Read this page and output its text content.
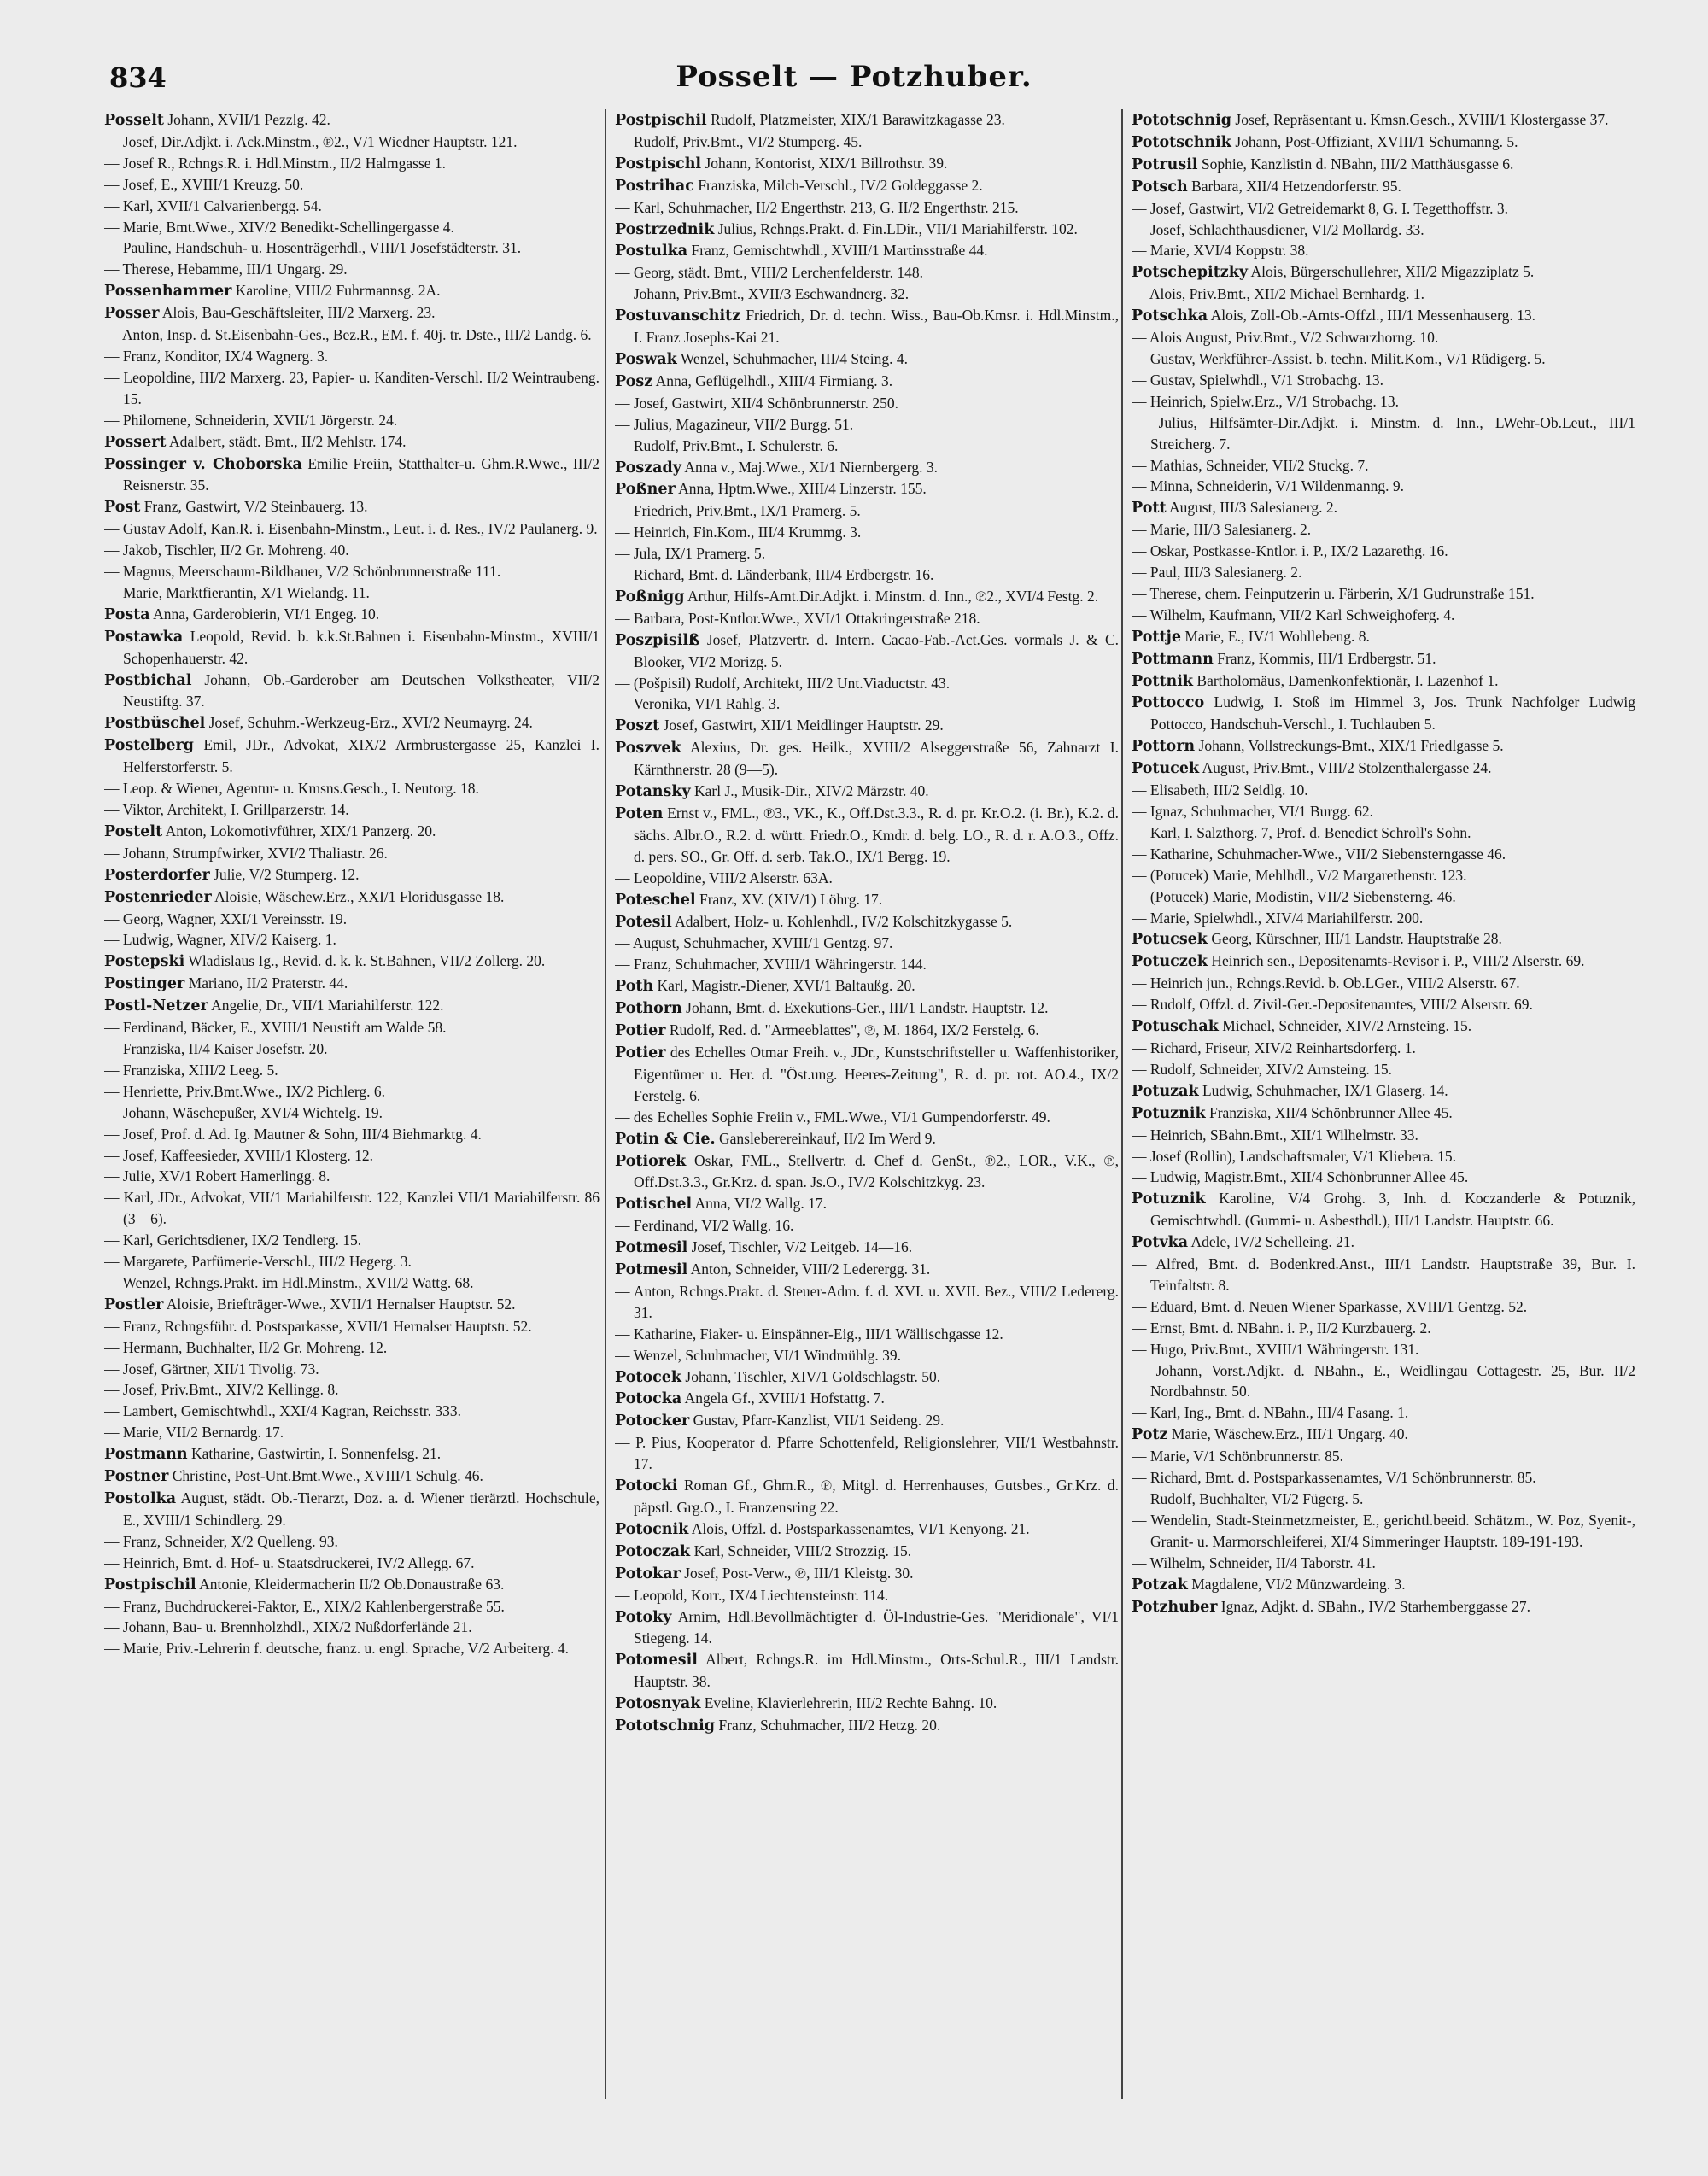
834	Posselt — Potzhuber.

Posselt Johann, XVII/1 Pezzlg. 42.

— Josef, Dir.Adjkt. i. Ack.Minstm., ℗2., V/1 Wiedner Hauptstr. 121.

— Josef R., Rchngs.R. i. Hdl.Minstm., II/2 Halmgasse 1.

— Josef, E., XVIII/1 Kreuzg. 50.

— Karl, XVII/1 Calvarienbergg. 54.

— Marie, Bmt.Wwe., XIV/2 Benedikt-Schellingergasse 4.

— Pauline, Handschuh- u. Hosenträgerhdl., VIII/1 Josefstädterstr. 31.

— Therese, Hebamme, III/1 Ungarg. 29.

Possenhammer Karoline, VIII/2 Fuhrmannsg. 2A.

Posser Alois, Bau-Geschäftsleiter, III/2 Marxerg. 23.

— Anton, Insp. d. St.Eisenbahn-Ges., Bez.R., EM. f. 40j. tr. Dste., III/2 Landg. 6.

— Franz, Konditor, IX/4 Wagnerg. 3.

— Leopoldine, III/2 Marxerg. 23, Papier- u. Kanditen-Verschl. II/2 Weintraubeng. 15.

— Philomene, Schneiderin, XVII/1 Jörgerstr. 24.

Possert Adalbert, städt. Bmt., II/2 Mehlstr. 174.

Possinger v. Choborska Emilie Freiin, Statthalter-u. Ghm.R.Wwe., III/2 Reisnerstr. 35.

Post Franz, Gastwirt, V/2 Steinbauerg. 13.

— Gustav Adolf, Kan.R. i. Eisenbahn-Minstm., Leut. i. d. Res., IV/2 Paulanerg. 9.

— Jakob, Tischler, II/2 Gr. Mohreng. 40.

— Magnus, Meerschaum-Bildhauer, V/2 Schönbrunnerstraße 111.

— Marie, Marktfierantin, X/1 Wielandg. 11.

Posta Anna, Garderobierin, VI/1 Engeg. 10.

Postawka Leopold, Revid. b. k.k.St.Bahnen i. Eisenbahn-Minstm., XVIII/1 Schopenhauerstr. 42.

Postbichal Johann, Ob.-Garderober am Deutschen Volkstheater, VII/2 Neustiftg. 37.

Postbüschel Josef, Schuhm.-Werkzeug-Erz., XVI/2 Neumayrg. 24.

Postelberg Emil, JDr., Advokat, XIX/2 Armbrustergasse 25, Kanzlei I. Helferstorferstr. 5.

— Leop. & Wiener, Agentur- u. Kmsns.Gesch., I. Neutorg. 18.

— Viktor, Architekt, I. Grillparzerstr. 14.

Postelt Anton, Lokomotivführer, XIX/1 Panzerg. 20.

— Johann, Strumpfwirker, XVI/2 Thaliastr. 26.

Posterdorfer Julie, V/2 Stumperg. 12.

Postenrieder Aloisie, Wäschew.Erz., XXI/1 Floridusgasse 18.

— Georg, Wagner, XXI/1 Vereinsstr. 19.

— Ludwig, Wagner, XIV/2 Kaiserg. 1.

Postepski Wladislaus Ig., Revid. d. k. k. St.Bahnen, VII/2 Zollerg. 20.

Postinger Mariano, II/2 Praterstr. 44.

Postl-Netzer Angelie, Dr., VII/1 Mariahilferstr. 122.

— Ferdinand, Bäcker, E., XVIII/1 Neustift am Walde 58.

— Franziska, II/4 Kaiser Josefstr. 20.

— Franziska, XIII/2 Leeg. 5.

— Henriette, Priv.Bmt.Wwe., IX/2 Pichlerg. 6.

— Johann, Wäschepußer, XVI/4 Wichtelg. 19.

— Josef, Prof. d. Ad. Ig. Mautner & Sohn, III/4 Biehmarktg. 4.

— Josef, Kaffeesieder, XVIII/1 Klosterg. 12.

— Julie, XV/1 Robert Hamerlingg. 8.

— Karl, JDr., Advokat, VII/1 Mariahilferstr. 122, Kanzlei VII/1 Mariahilferstr. 86 (3—6).

— Karl, Gerichtsdiener, IX/2 Tendlerg. 15.

— Margarete, Parfümerie-Verschl., III/2 Hegerg. 3.

— Wenzel, Rchngs.Prakt. im Hdl.Minstm., XVII/2 Wattg. 68.

Postler Aloisie, Briefträger-Wwe., XVII/1 Hernalser Hauptstr. 52.

— Franz, Rchngsführ. d. Postsparkasse, XVII/1 Hernalser Hauptstr. 52.

— Hermann, Buchhalter, II/2 Gr. Mohreng. 12.

— Josef, Gärtner, XII/1 Tivolig. 73.

— Josef, Priv.Bmt., XIV/2 Kellingg. 8.

— Lambert, Gemischtwhdl., XXI/4 Kagran, Reichsstr. 333.

— Marie, VII/2 Bernardg. 17.

Postmann Katharine, Gastwirtin, I. Sonnenfelsg. 21.

Postner Christine, Post-Unt.Bmt.Wwe., XVIII/1 Schulg. 46.

Postolka August, städt. Ob.-Tierarzt, Doz. a. d. Wiener tierärztl. Hochschule, E., XVIII/1 Schindlerg. 29.

— Franz, Schneider, X/2 Quelleng. 93.

— Heinrich, Bmt. d. Hof- u. Staatsdruckerei, IV/2 Allegg. 67.

Postpischil Antonie, Kleidermacherin II/2 Ob.Donaustraße 63.

— Franz, Buchdruckerei-Faktor, E., XIX/2 Kahlenbergerstraße 55.

— Johann, Bau- u. Brennholzhdl., XIX/2 Nußdorferlände 21.

— Marie, Priv.-Lehrerin f. deutsche, franz. u. engl. Sprache, V/2 Arbeiterg. 4.

Postpischil Rudolf, Platzmeister, XIX/1 Barawitzkagasse 23.

— Rudolf, Priv.Bmt., VI/2 Stumperg. 45.

Postpischl Johann, Kontorist, XIX/1 Billrothstr. 39.

Postrihac Franziska, Milch-Verschl., IV/2 Goldeggasse 2.

— Karl, Schuhmacher, II/2 Engerthstr. 213, G. II/2 Engerthstr. 215.

Postrzednik Julius, Rchngs.Prakt. d. Fin.LDir., VII/1 Mariahilferstr. 102.

Postulka Franz, Gemischtwhdl., XVIII/1 Martinsstraße 44.

— Georg, städt. Bmt., VIII/2 Lerchenfelderstr. 148.

— Johann, Priv.Bmt., XVII/3 Eschwandnerg. 32.

Postuvanschitz Friedrich, Dr. d. techn. Wiss., Bau-Ob.Kmsr. i. Hdl.Minstm., I. Franz Josephs-Kai 21.

Poswak Wenzel, Schuhmacher, III/4 Steing. 4.

Posz Anna, Geflügelhdl., XIII/4 Firmiang. 3.

— Josef, Gastwirt, XII/4 Schönbrunnerstr. 250.

— Julius, Magazineur, VII/2 Burgg. 51.

— Rudolf, Priv.Bmt., I. Schulerstr. 6.

Poszady Anna v., Maj.Wwe., XI/1 Niernbergerg. 3.

Poßner Anna, Hptm.Wwe., XIII/4 Linzerstr. 155.

— Friedrich, Priv.Bmt., IX/1 Pramerg. 5.

— Heinrich, Fin.Kom., III/4 Krummg. 3.

— Jula, IX/1 Pramerg. 5.

— Richard, Bmt. d. Länderbank, III/4 Erdbergstr. 16.

Poßnigg Arthur, Hilfs-Amt.Dir.Adjkt. i. Minstm. d. Inn., ℗2., XVI/4 Festg. 2.

— Barbara, Post-Kntlor.Wwe., XVI/1 Ottakringerstraße 218.

Poszpisilß Josef, Platzvertr. d. Intern. Cacao-Fab.-Act.Ges. vormals J. & C. Blooker, VI/2 Morizg. 5.

— (Pošpisil) Rudolf, Architekt, III/2 Unt.Viaductstr. 43.

— Veronika, VI/1 Rahlg. 3.

Poszt Josef, Gastwirt, XII/1 Meidlinger Hauptstr. 29.

Poszvek Alexius, Dr. ges. Heilk., XVIII/2 Alseggerstraße 56, Zahnarzt I. Kärnthnerstr. 28 (9—5).

Potansky Karl J., Musik-Dir., XIV/2 Märzstr. 40.

Poten Ernst v., FML., ℗3., VK., K., Off.Dst.3.3., R. d. pr. Kr.O.2. (i. Br.), K.2. d. sächs. Albr.O., R.2. d. württ. Friedr.O., Kmdr. d. belg. LO., R. d. r. A.O.3., Offz. d. pers. SO., Gr. Off. d. serb. Tak.O., IX/1 Bergg. 19.

— Leopoldine, VIII/2 Alserstr. 63A.

Poteschel Franz, XV. (XIV/1) Löhrg. 17.

Potesil Adalbert, Holz- u. Kohlenhdl., IV/2 Kolschitzkygasse 5.

— August, Schuhmacher, XVIII/1 Gentzg. 97.

— Franz, Schuhmacher, XVIII/1 Währingerstr. 144.

Poth Karl, Magistr.-Diener, XVI/1 Baltaußg. 20.

Pothorn Johann, Bmt. d. Exekutions-Ger., III/1 Landstr. Hauptstr. 12.

Potier Rudolf, Red. d. "Armeeblattes", ℗, M. 1864, IX/2 Ferstelg. 6.

Potier des Echelles Otmar Freih. v., JDr., Kunstschriftsteller u. Waffenhistoriker, Eigentümer u. Her. d. "Öst.ung. Heeres-Zeitung", R. d. pr. rot. AO.4., IX/2 Ferstelg. 6.

— des Echelles Sophie Freiin v., FML.Wwe., VI/1 Gumpendorferstr. 49.

Potin & Cie. Gansleberereinkauf, II/2 Im Werd 9.

Potiorek Oskar, FML., Stellvertr. d. Chef d. GenSt., ℗2., LOR., V.K., ℗, Off.Dst.3.3., Gr.Krz. d. span. Js.O., IV/2 Kolschitzkyg. 23.

Potischel Anna, VI/2 Wallg. 17.

— Ferdinand, VI/2 Wallg. 16.

Potmesil Josef, Tischler, V/2 Leitgeb. 14—16.

Potmesil Anton, Schneider, VIII/2 Lederergg. 31.

— Anton, Rchngs.Prakt. d. Steuer-Adm. f. d. XVI. u. XVII. Bez., VIII/2 Ledererg. 31.

— Katharine, Fiaker- u. Einspänner-Eig., III/1 Wällischgasse 12.

— Wenzel, Schuhmacher, VI/1 Windmühlg. 39.

Potocek Johann, Tischler, XIV/1 Goldschlagstr. 50.

Potocka Angela Gf., XVIII/1 Hofstattg. 7.

Potocker Gustav, Pfarr-Kanzlist, VII/1 Seideng. 29.

— P. Pius, Kooperator d. Pfarre Schottenfeld, Religionslehrer, VII/1 Westbahnstr. 17.

Potocki Roman Gf., Ghm.R., ℗, Mitgl. d. Herrenhauses, Gutsbes., Gr.Krz. d. päpstl. Grg.O., I. Franzensring 22.

Potocnik Alois, Offzl. d. Postsparkassenamtes, VI/1 Kenyong. 21.

Potoczak Karl, Schneider, VIII/2 Strozzig. 15.

Potokar Josef, Post-Verw., ℗, III/1 Kleistg. 30.

— Leopold, Korr., IX/4 Liechtensteinstr. 114.

Potoky Arnim, Hdl.Bevollmächtigter d. Öl-Industrie-Ges. "Meridionale", VI/1 Stiegeng. 14.

Potomesil Albert, Rchngs.R. im Hdl.Minstm., Orts-Schul.R., III/1 Landstr. Hauptstr. 38.

Potosnyak Eveline, Klavierlehrerin, III/2 Rechte Bahng. 10.

Pototschnig Franz, Schuhmacher, III/2 Hetzg. 20.

Pototschnig Josef, Repräsentant u. Kmsn.Gesch., XVIII/1 Klostergasse 37.

Pototschnik Johann, Post-Offiziant, XVIII/1 Schumanng. 5.

Potrusil Sophie, Kanzlistin d. NBahn, III/2 Matthäusgasse 6.

Potsch Barbara, XII/4 Hetzendorferstr. 95.

— Josef, Gastwirt, VI/2 Getreidemarkt 8, G. I. Tegetthoffstr. 3.

— Josef, Schlachthausdiener, VI/2 Mollardg. 33.

— Marie, XVI/4 Koppstr. 38.

Potschepitzky Alois, Bürgerschullehrer, XII/2 Migazziplatz 5.

— Alois, Priv.Bmt., XII/2 Michael Bernhardg. 1.

Potschka Alois, Zoll-Ob.-Amts-Offzl., III/1 Messenhauserg. 13.

— Alois August, Priv.Bmt., V/2 Schwarzhorng. 10.

— Gustav, Werkführer-Assist. b. techn. Milit.Kom., V/1 Rüdigerg. 5.

— Gustav, Spielwhdl., V/1 Strobachg. 13.

— Heinrich, Spielw.Erz., V/1 Strobachg. 13.

— Julius, Hilfsämter-Dir.Adjkt. i. Minstm. d. Inn., LWehr-Ob.Leut., III/1 Streicherg. 7.

— Mathias, Schneider, VII/2 Stuckg. 7.

— Minna, Schneiderin, V/1 Wildenmanng. 9.

Pott August, III/3 Salesianerg. 2.

— Marie, III/3 Salesianerg. 2.

— Oskar, Postkasse-Kntlor. i. P., IX/2 Lazarethg. 16.

— Paul, III/3 Salesianerg. 2.

— Therese, chem. Feinputzerin u. Färberin, X/1 Gudrunstraße 151.

— Wilhelm, Kaufmann, VII/2 Karl Schweighoferg. 4.

Pottje Marie, E., IV/1 Wohllebeng. 8.

Pottmann Franz, Kommis, III/1 Erdbergstr. 51.

Pottnik Bartholomäus, Damenkonfektionär, I. Lazenhof 1.

Pottocco Ludwig, I. Stoß im Himmel 3, Jos. Trunk Nachfolger Ludwig Pottocco, Handschuh-Verschl., I. Tuchlauben 5.

Pottorn Johann, Vollstreckungs-Bmt., XIX/1 Friedlgasse 5.

Potucek August, Priv.Bmt., VIII/2 Stolzenthalergasse 24.

— Elisabeth, III/2 Seidlg. 10.

— Ignaz, Schuhmacher, VI/1 Burgg. 62.

— Karl, I. Salzthorg. 7, Prof. d. Benedict Schroll's Sohn.

— Katharine, Schuhmacher-Wwe., VII/2 Siebensterngasse 46.

— (Potucek) Marie, Mehlhdl., V/2 Margarethenstr. 123.

— (Potucek) Marie, Modistin, VII/2 Siebensterng. 46.

— Marie, Spielwhdl., XIV/4 Mariahilferstr. 200.

Potucsek Georg, Kürschner, III/1 Landstr. Hauptstraße 28.

Potuczek Heinrich sen., Depositenamts-Revisor i. P., VIII/2 Alserstr. 69.

— Heinrich jun., Rchngs.Revid. b. Ob.LGer., VIII/2 Alserstr. 67.

— Rudolf, Offzl. d. Zivil-Ger.-Depositenamtes, VIII/2 Alserstr. 69.

Potuschak Michael, Schneider, XIV/2 Arnsteing. 15.

— Richard, Friseur, XIV/2 Reinhartsdorferg. 1.

— Rudolf, Schneider, XIV/2 Arnsteing. 15.

Potuzak Ludwig, Schuhmacher, IX/1 Glaserg. 14.

Potuznik Franziska, XII/4 Schönbrunner Allee 45.

— Heinrich, SBahn.Bmt., XII/1 Wilhelmstr. 33.

— Josef (Rollin), Landschaftsmaler, V/1 Kliebera. 15.

— Ludwig, Magistr.Bmt., XII/4 Schönbrunner Allee 45.

Potuznik Karoline, V/4 Grohg. 3, Inh. d. Koczanderle & Potuznik, Gemischtwhdl. (Gummi- u. Asbesthdl.), III/1 Landstr. Hauptstr. 66.

Potvka Adele, IV/2 Schelleing. 21.

— Alfred, Bmt. d. Bodenkred.Anst., III/1 Landstr. Hauptstraße 39, Bur. I. Teinfaltstr. 8.

— Eduard, Bmt. d. Neuen Wiener Sparkasse, XVIII/1 Gentzg. 52.

— Ernst, Bmt. d. NBahn. i. P., II/2 Kurzbauerg. 2.

— Hugo, Priv.Bmt., XVIII/1 Währingerstr. 131.

— Johann, Vorst.Adjkt. d. NBahn., E., Weidlingau Cottagestr. 25, Bur. II/2 Nordbahnstr. 50.

— Karl, Ing., Bmt. d. NBahn., III/4 Fasang. 1.

Potz Marie, Wäschew.Erz., III/1 Ungarg. 40.

— Marie, V/1 Schönbrunnerstr. 85.

— Richard, Bmt. d. Postsparkassenamtes, V/1 Schönbrunnerstr. 85.

— Rudolf, Buchhalter, VI/2 Fügerg. 5.

— Wendelin, Stadt-Steinmetzmeister, E., gerichtl.beeid. Schätzm., W. Poz, Syenit-, Granit- u. Marmorschleiferei, XI/4 Simmeringer Hauptstr. 189-191-193.

— Wilhelm, Schneider, II/4 Taborstr. 41.

Potzak Magdalene, VI/2 Münzwardeing. 3.

Potzhuber Ignaz, Adjkt. d. SBahn., IV/2 Starhemberggasse 27.
